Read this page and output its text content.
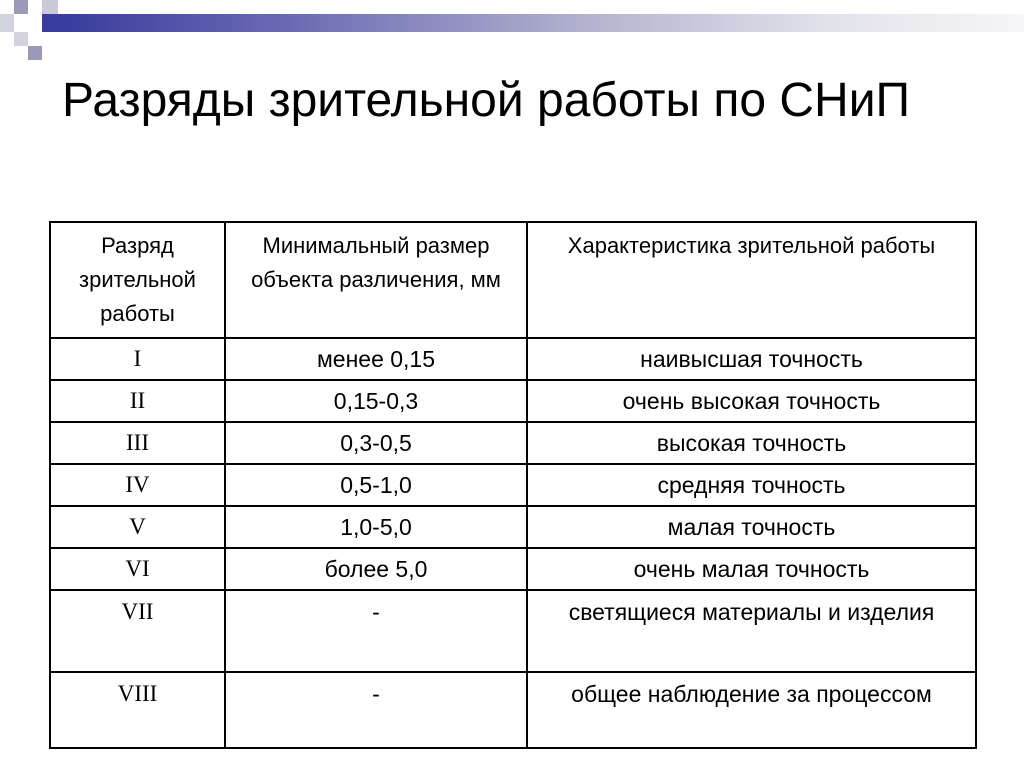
Разряды зрительной работы по СНиП
Разряд зрительной работы	Минимальный размер объекта различения, мм	Характеристика зрительной работы
I	менее 0,15	наивысшая точность
II	0,15-0,3	очень высокая точность
III	0,3-0,5	высокая точность
IV	0,5-1,0	средняя точность
V	1,0-5,0	малая точность
VI	более 5,0	очень малая точность
VII	-	светящиеся материалы и изделия
VIII	-	общее наблюдение за процессом
